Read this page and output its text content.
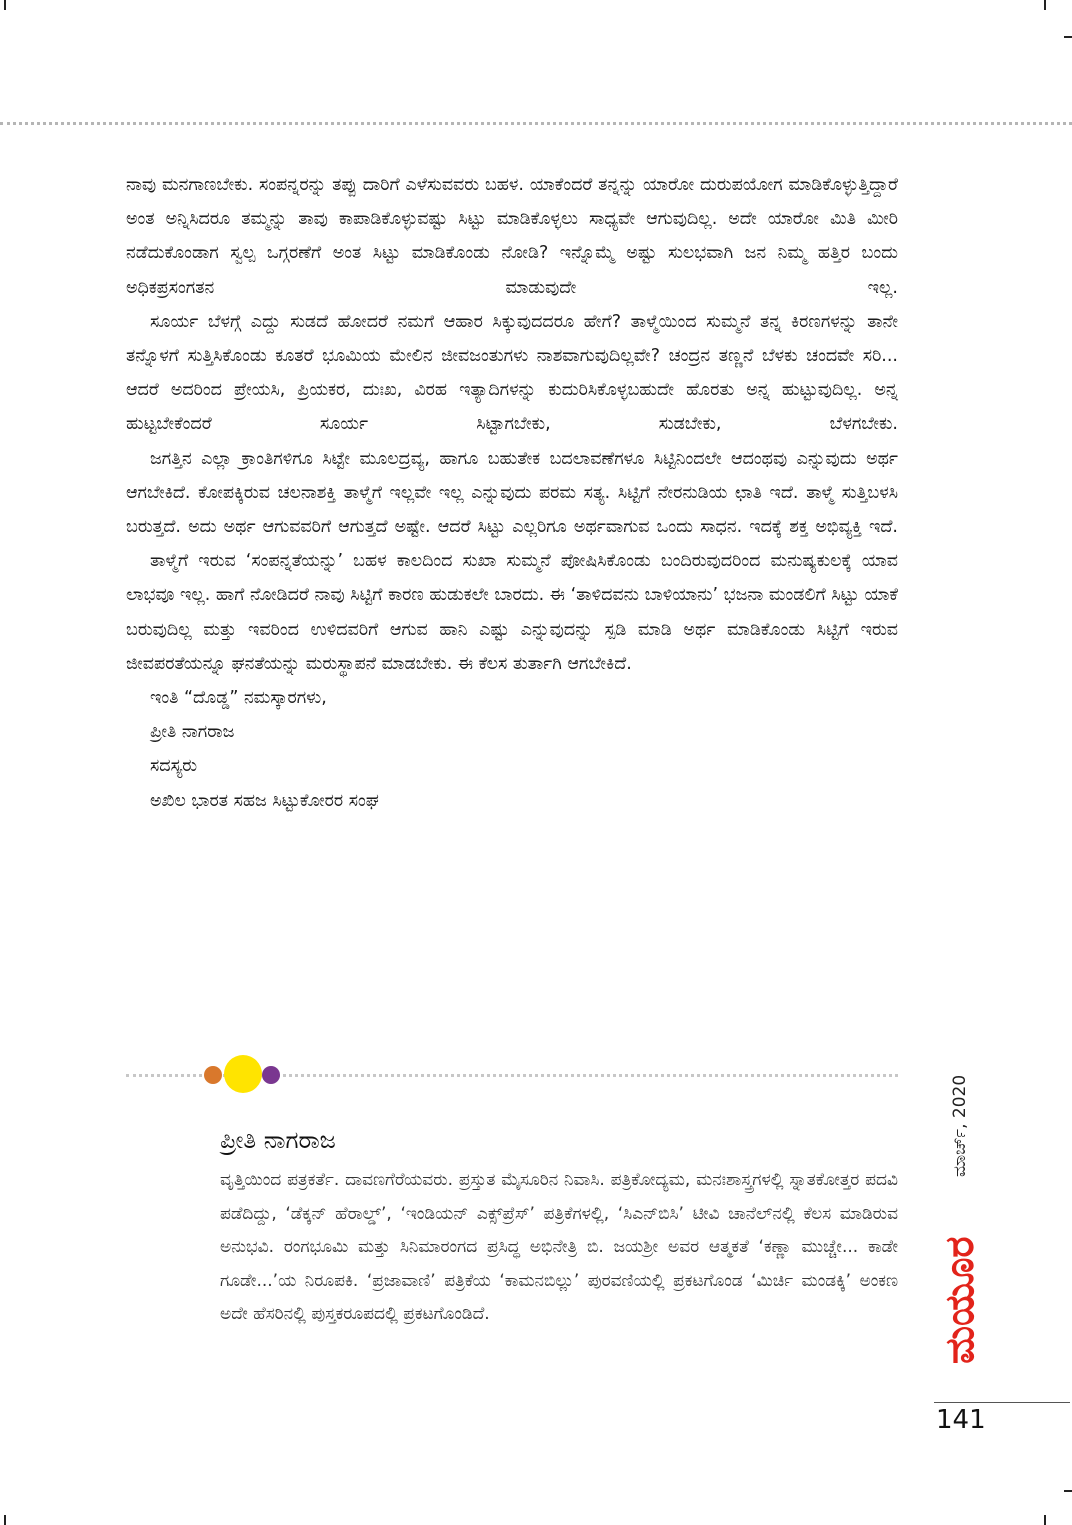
ನಾವು ಮನಗಾಣಬೇಕು. ಸಂಪನ್ನರನ್ನು ತಪ್ಪು ದಾರಿಗೆ ಎಳೆಸುವವರು ಬಹಳ. ಯಾಕೆಂದರೆ ತನ್ನನ್ನು ಯಾರೋ ದುರುಪಯೋಗ ಮಾಡಿಕೊಳ್ಳುತ್ತಿದ್ದಾರೆ ಅಂತ ಅನ್ನಿಸಿದರೂ ತಮ್ಮನ್ನು ತಾವು ಕಾಪಾಡಿಕೊಳ್ಳುವಷ್ಟು ಸಿಟ್ಟು ಮಾಡಿಕೊಳ್ಳಲು ಸಾಧ್ಯವೇ ಆಗುವುದಿಲ್ಲ. ಅದೇ ಯಾರೋ ಮಿತಿ ಮೀರಿ ನಡೆದುಕೊಂಡಾಗ ಸ್ವಲ್ಪ ಒಗ್ಗರಣೆಗೆ ಅಂತ ಸಿಟ್ಟು ಮಾಡಿಕೊಂಡು ನೋಡಿ? ಇನ್ನೊಮ್ಮೆ ಅಷ್ಟು ಸುಲಭವಾಗಿ ಜನ ನಿಮ್ಮ ಹತ್ತಿರ ಬಂದು ಅಧಿಕಪ್ರಸಂಗತನ ಮಾಡುವುದೇ ಇಲ್ಲ.

ಸೂರ್ಯ ಬೆಳಗ್ಗೆ ಎದ್ದು ಸುಡದೆ ಹೋದರೆ ನಮಗೆ ಆಹಾರ ಸಿಕ್ಕುವುದದರೂ ಹೇಗೆ? ತಾಳ್ಮೆಯಿಂದ ಸುಮ್ಮನೆ ತನ್ನ ಕಿರಣಗಳನ್ನು ತಾನೇ ತನ್ನೊಳಗೆ ಸುತ್ತಿಸಿಕೊಂಡು ಕೂತರೆ ಭೂಮಿಯ ಮೇಲಿನ ಜೀವಜಂತುಗಳು ನಾಶವಾಗುವುದಿಲ್ಲವೇ? ಚಂದ್ರನ ತಣ್ಣನೆ ಬೆಳಕು ಚಂದವೇ ಸರಿ... ಆದರೆ ಅದರಿಂದ ಪ್ರೇಯಸಿ, ಪ್ರಿಯಕರ, ದುಃಖ, ವಿರಹ ಇತ್ಯಾದಿಗಳನ್ನು ಕುದುರಿಸಿಕೊಳ್ಳಬಹುದೇ ಹೊರತು ಅನ್ನ ಹುಟ್ಟುವುದಿಲ್ಲ. ಅನ್ನ ಹುಟ್ಟಬೇಕೆಂದರೆ ಸೂರ್ಯ ಸಿಟ್ಟಾಗಬೇಕು, ಸುಡಬೇಕು, ಬೆಳಗಬೇಕು.

ಜಗತ್ತಿನ ಎಲ್ಲಾ ಕ್ರಾಂತಿಗಳಿಗೂ ಸಿಟ್ಟೇ ಮೂಲದ್ರವ್ಯ, ಹಾಗೂ ಬಹುತೇಕ ಬದಲಾವಣೆಗಳೂ ಸಿಟ್ಟಿನಿಂದಲೇ ಆದಂಥವು ಎನ್ನುವುದು ಅರ್ಥ ಆಗಬೇಕಿದೆ. ಕೋಪಕ್ಕಿರುವ ಚಲನಾಶಕ್ತಿ ತಾಳ್ಮೆಗೆ ಇಲ್ಲವೇ ಇಲ್ಲ ಎನ್ನುವುದು ಪರಮ ಸತ್ಯ. ಸಿಟ್ಟಿಗೆ ನೇರನುಡಿಯ ಛಾತಿ ಇದೆ. ತಾಳ್ಮೆ ಸುತ್ತಿಬಳಸಿ ಬರುತ್ತದೆ. ಅದು ಅರ್ಥ ಆಗುವವರಿಗೆ ಆಗುತ್ತದೆ ಅಷ್ಟೇ. ಆದರೆ ಸಿಟ್ಟು ಎಲ್ಲರಿಗೂ ಅರ್ಥವಾಗುವ ಒಂದು ಸಾಧನ. ಇದಕ್ಕೆ ಶಕ್ತ ಅಭಿವ್ಯಕ್ತಿ ಇದೆ.

ತಾಳ್ಮೆಗೆ ಇರುವ ‘ಸಂಪನ್ನತೆಯನ್ನು’ ಬಹಳ ಕಾಲದಿಂದ ಸುಖಾ ಸುಮ್ಮನೆ ಪೋಷಿಸಿಕೊಂಡು ಬಂದಿರುವುದರಿಂದ ಮನುಷ್ಯಕುಲಕ್ಕೆ ಯಾವ ಲಾಭವೂ ಇಲ್ಲ. ಹಾಗೆ ನೋಡಿದರೆ ನಾವು ಸಿಟ್ಟಿಗೆ ಕಾರಣ ಹುಡುಕಲೇ ಬಾರದು. ಈ ‘ತಾಳಿದವನು ಬಾಳಿಯಾನು’ ಭಜನಾ ಮಂಡಲಿಗೆ ಸಿಟ್ಟು ಯಾಕೆ ಬರುವುದಿಲ್ಲ ಮತ್ತು ಇವರಿಂದ ಉಳಿದವರಿಗೆ ಆಗುವ ಹಾನಿ ಎಷ್ಟು ಎನ್ನುವುದನ್ನು ಸ್ಪಡಿ ಮಾಡಿ ಅರ್ಥ ಮಾಡಿಕೊಂಡು ಸಿಟ್ಟಿಗೆ ಇರುವ ಜೀವಪರತೆಯನ್ನೂ ಘನತೆಯನ್ನು ಮರುಸ್ಥಾಪನೆ ಮಾಡಬೇಕು. ಈ ಕೆಲಸ ತುರ್ತಾಗಿ ಆಗಬೇಕಿದೆ.

ಇಂತಿ “ದೊಡ್ಡ” ನಮಸ್ಕಾರಗಳು,

ಪ್ರೀತಿ ನಾಗರಾಜ

ಸದಸ್ಯರು

ಅಖಿಲ ಭಾರತ ಸಹಜ ಸಿಟ್ಟುಕೋರರ ಸಂಘ

ಪ್ರೀತಿ ನಾಗರಾಜ

ವೃತ್ತಿಯಿಂದ ಪತ್ರಕರ್ತೆ. ದಾವಣಗೆರೆಯವರು. ಪ್ರಸ್ತುತ ಮೈಸೂರಿನ ನಿವಾಸಿ. ಪತ್ರಿಕೋದ್ಯಮ, ಮನಃಶಾಸ್ತ್ರಗಳಲ್ಲಿ ಸ್ನಾತಕೋತ್ತರ ಪದವಿ ಪಡೆದಿದ್ದು, ‘ಡೆಕ್ಕನ್ ಹೆರಾಲ್ಡ್’, ‘ಇಂಡಿಯನ್ ಎಕ್ಸ್‌ಪ್ರೆಸ್’ ಪತ್ರಿಕೆಗಳಲ್ಲಿ, ‘ಸಿಎನ್‌ಬಿಸಿ’ ಟೀವಿ ಚಾನೆಲ್‌ನಲ್ಲಿ ಕೆಲಸ ಮಾಡಿರುವ ಅನುಭವಿ. ರಂಗಭೂಮಿ ಮತ್ತು ಸಿನಿಮಾರಂಗದ ಪ್ರಸಿದ್ಧ ಅಭಿನೇತ್ರಿ ಬಿ. ಜಯಶ್ರೀ ಅವರ ಆತ್ಮಕತೆ ‘ಕಣ್ಣಾ ಮುಚ್ಚೇ... ಕಾಡೇ ಗೂಡೇ...’ಯ ನಿರೂಪಕಿ. ‘ಪ್ರಜಾವಾಣಿ’ ಪತ್ರಿಕೆಯ ‘ಕಾಮನಬಿಲ್ಲು’ ಪುರವಣಿಯಲ್ಲಿ ಪ್ರಕಟಗೊಂಡ ‘ಮಿರ್ಚಿ ಮಂಡಕ್ಕಿ’ ಅಂಕಣ ಅದೇ ಹೆಸರಿನಲ್ಲಿ ಪುಸ್ತಕರೂಪದಲ್ಲಿ ಪ್ರಕಟಗೊಂಡಿದೆ.

ಮಾರ್ಚ್, 2020
ಮಯೂರ
141
